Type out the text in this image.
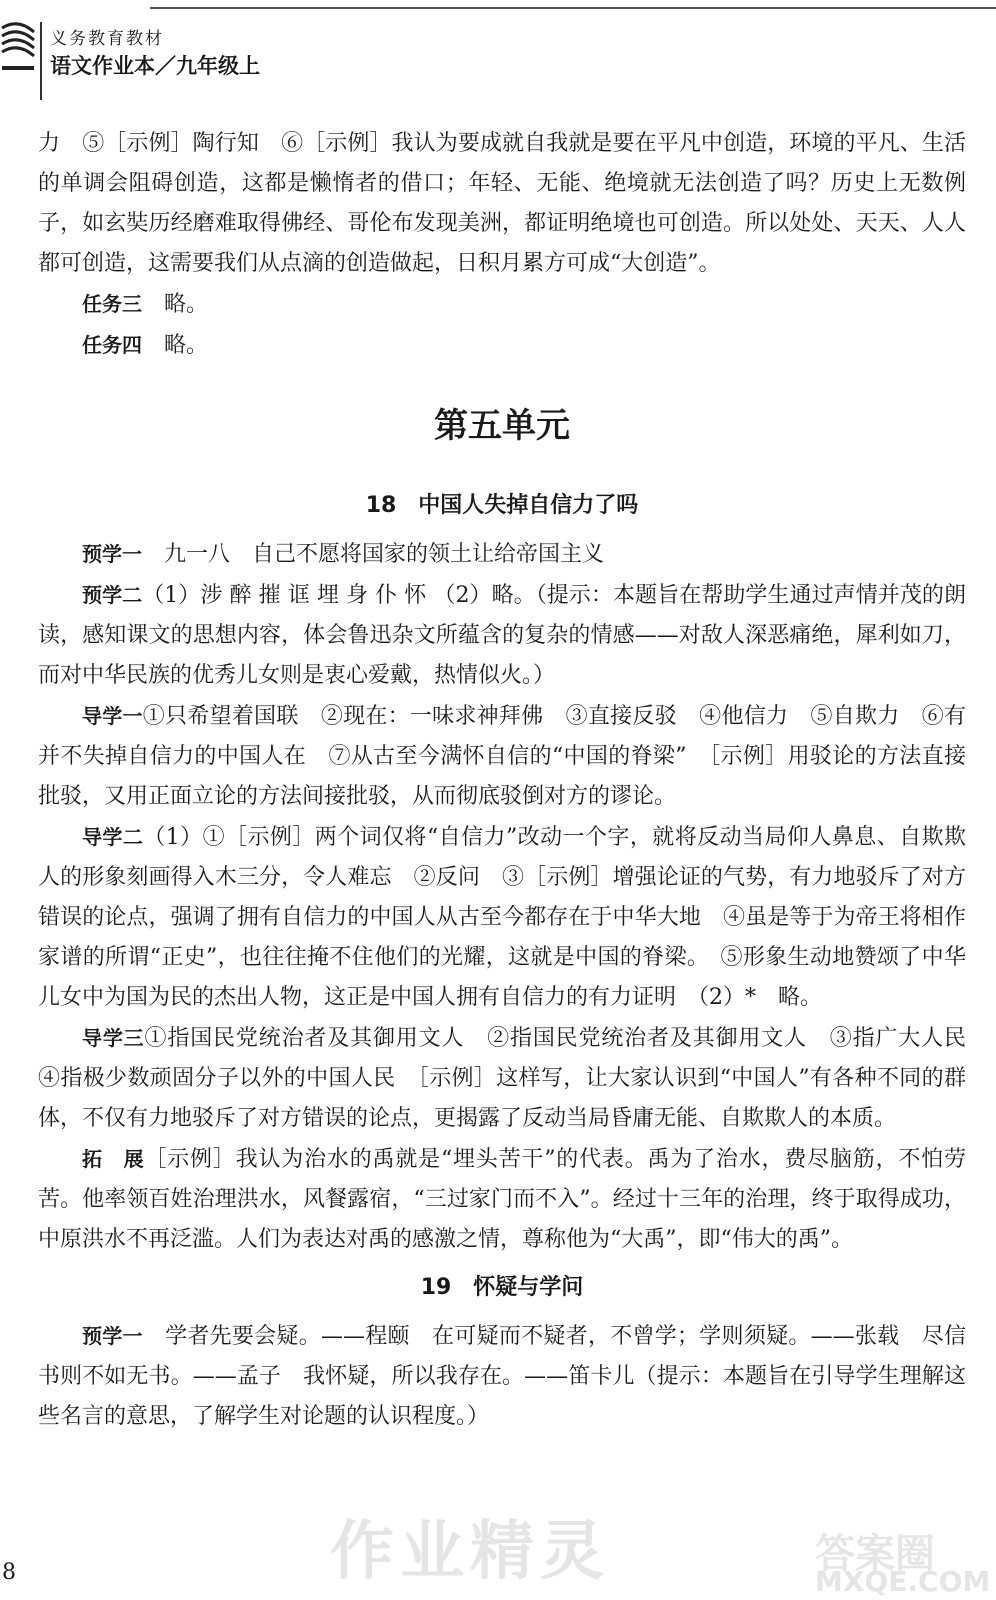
义务教育教材
语文作业本／九年级上

力　⑤［示例］陶行知　⑥［示例］我认为要成就自我就是要在平凡中创造，环境的平凡、生活的单调会阻碍创造，这都是懒惰者的借口；年轻、无能、绝境就无法创造了吗？历史上无数例子，如玄奘历经磨难取得佛经、哥伦布发现美洲，都证明绝境也可创造。所以处处、天天、人人都可创造，这需要我们从点滴的创造做起，日积月累方可成“大创造”。

任务三　略。

任务四　略。

第五单元
18　中国人失掉自信力了吗

预学一　九一八　自己不愿将国家的领土让给帝国主义

预学二（1）涉 醉 摧 诓 埋 身 仆 怀 （2）略。（提示：本题旨在帮助学生通过声情并茂的朗读，感知课文的思想内容，体会鲁迅杂文所蕴含的复杂的情感——对敌人深恶痛绝，犀利如刀，而对中华民族的优秀儿女则是衷心爱戴，热情似火。）

导学一①只希望着国联　②现在：一味求神拜佛　③直接反驳　④他信力　⑤自欺力　⑥有并不失掉自信力的中国人在　⑦从古至今满怀自信的“中国的脊梁”　［示例］用驳论的方法直接批驳，又用正面立论的方法间接批驳，从而彻底驳倒对方的谬论。

导学二（1）①［示例］两个词仅将“自信力”改动一个字，就将反动当局仰人鼻息、自欺欺人的形象刻画得入木三分，令人难忘　②反问　③［示例］增强论证的气势，有力地驳斥了对方错误的论点，强调了拥有自信力的中国人从古至今都存在于中华大地　④虽是等于为帝王将相作家谱的所谓“正史”，也往往掩不住他们的光耀，这就是中国的脊梁。　⑤形象生动地赞颂了中华儿女中为国为民的杰出人物，这正是中国人拥有自信力的有力证明　（2）*　略。

导学三①指国民党统治者及其御用文人　②指国民党统治者及其御用文人　③指广大人民　④指极少数顽固分子以外的中国人民　［示例］这样写，让大家认识到“中国人”有各种不同的群体，不仅有力地驳斥了对方错误的论点，更揭露了反动当局昏庸无能、自欺欺人的本质。

拓　展［示例］我认为治水的禹就是“埋头苦干”的代表。禹为了治水，费尽脑筋，不怕劳苦。他率领百姓治理洪水，风餐露宿，“三过家门而不入”。经过十三年的治理，终于取得成功，中原洪水不再泛滥。人们为表达对禹的感激之情，尊称他为“大禹”，即“伟大的禹”。

19　怀疑与学问

预学一　学者先要会疑。——程颐　在可疑而不疑者，不曾学；学则须疑。——张载　尽信书则不如无书。——孟子　我怀疑，所以我存在。——笛卡儿（提示：本题旨在引导学生理解这些名言的意思，了解学生对论题的认识程度。）

作业精灵	答案圈
MXQE.COM
8
